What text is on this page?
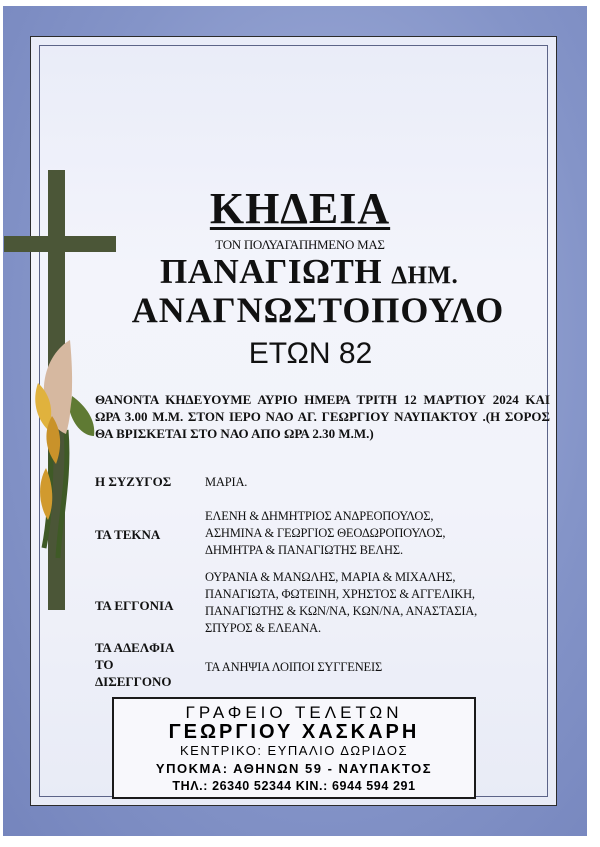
ΚΗΔΕΙΑ
ΤΟΝ ΠΟΛΥΑΓΑΠΗΜΕΝΟ ΜΑΣ
ΠΑΝΑΓΙΩΤΗ ΔΗΜ.
ΑΝΑΓΝΩΣΤΟΠΟΥΛΟ
ΕΤΩΝ 82
ΘΑΝΟΝΤΑ ΚΗΔΕΥΟΥΜΕ ΑΥΡΙΟ ΗΜΕΡΑ ΤΡΙΤΗ 12 ΜΑΡΤΙΟΥ 2024 ΚΑΙ ΩΡΑ 3.00 Μ.Μ. ΣΤΟΝ ΙΕΡΟ ΝΑΟ ΑΓ. ΓΕΩΡΓΙΟΥ ΝΑΥΠΑΚΤΟΥ .(Η ΣΟΡΟΣ ΘΑ ΒΡΙΣΚΕΤΑΙ ΣΤΟ ΝΑΟ ΑΠΟ ΩΡΑ 2.30 Μ.Μ.)
Η ΣΥΖΥΓΟΣ	ΜΑΡΙΑ.
ΤΑ ΤΕΚΝΑ
ΕΛΕΝΗ & ΔΗΜΗΤΡΙΟΣ ΑΝΔΡΕΟΠΟΥΛΟΣ,
ΑΣΗΜΙΝΑ & ΓΕΩΡΓΙΟΣ ΘΕΟΔΩΡΟΠΟΥΛΟΣ,
ΔΗΜΗΤΡΑ & ΠΑΝΑΓΙΩΤΗΣ ΒΕΛΗΣ.
ΤΑ ΕΓΓΟΝΙΑ
ΟΥΡΑΝΙΑ & ΜΑΝΩΛΗΣ, ΜΑΡΙΑ & ΜΙΧΑΛΗΣ,
ΠΑΝΑΓΙΩΤΑ, ΦΩΤΕΙΝΗ, ΧΡΗΣΤΟΣ & ΑΓΓΕΛΙΚΗ,
ΠΑΝΑΓΙΩΤΗΣ & ΚΩΝ/ΝΑ, ΚΩΝ/ΝΑ, ΑΝΑΣΤΑΣΙΑ,
ΣΠΥΡΟΣ & ΕΛΕΑΝΑ.
ΤΑ ΑΔΕΛΦΙΑ
ΤΟ
ΔΙΣΕΓΓΟΝΟ
ΤΑ ΑΝΗΨΙΑ ΛΟΙΠΟΙ ΣΥΓΓΕΝΕΙΣ
ΓΡΑΦΕΙΟ ΤΕΛΕΤΩΝ
ΓΕΩΡΓΙΟΥ ΧΑΣΚΑΡΗ
ΚΕΝΤΡΙΚΟ: ΕΥΠΑΛΙΟ ΔΩΡΙΔΟΣ
ΥΠΟΚΜΑ: ΑΘΗΝΩΝ 59 - ΝΑΥΠΑΚΤΟΣ
ΤΗΛ.: 26340 52344 ΚΙΝ.: 6944 594 291
